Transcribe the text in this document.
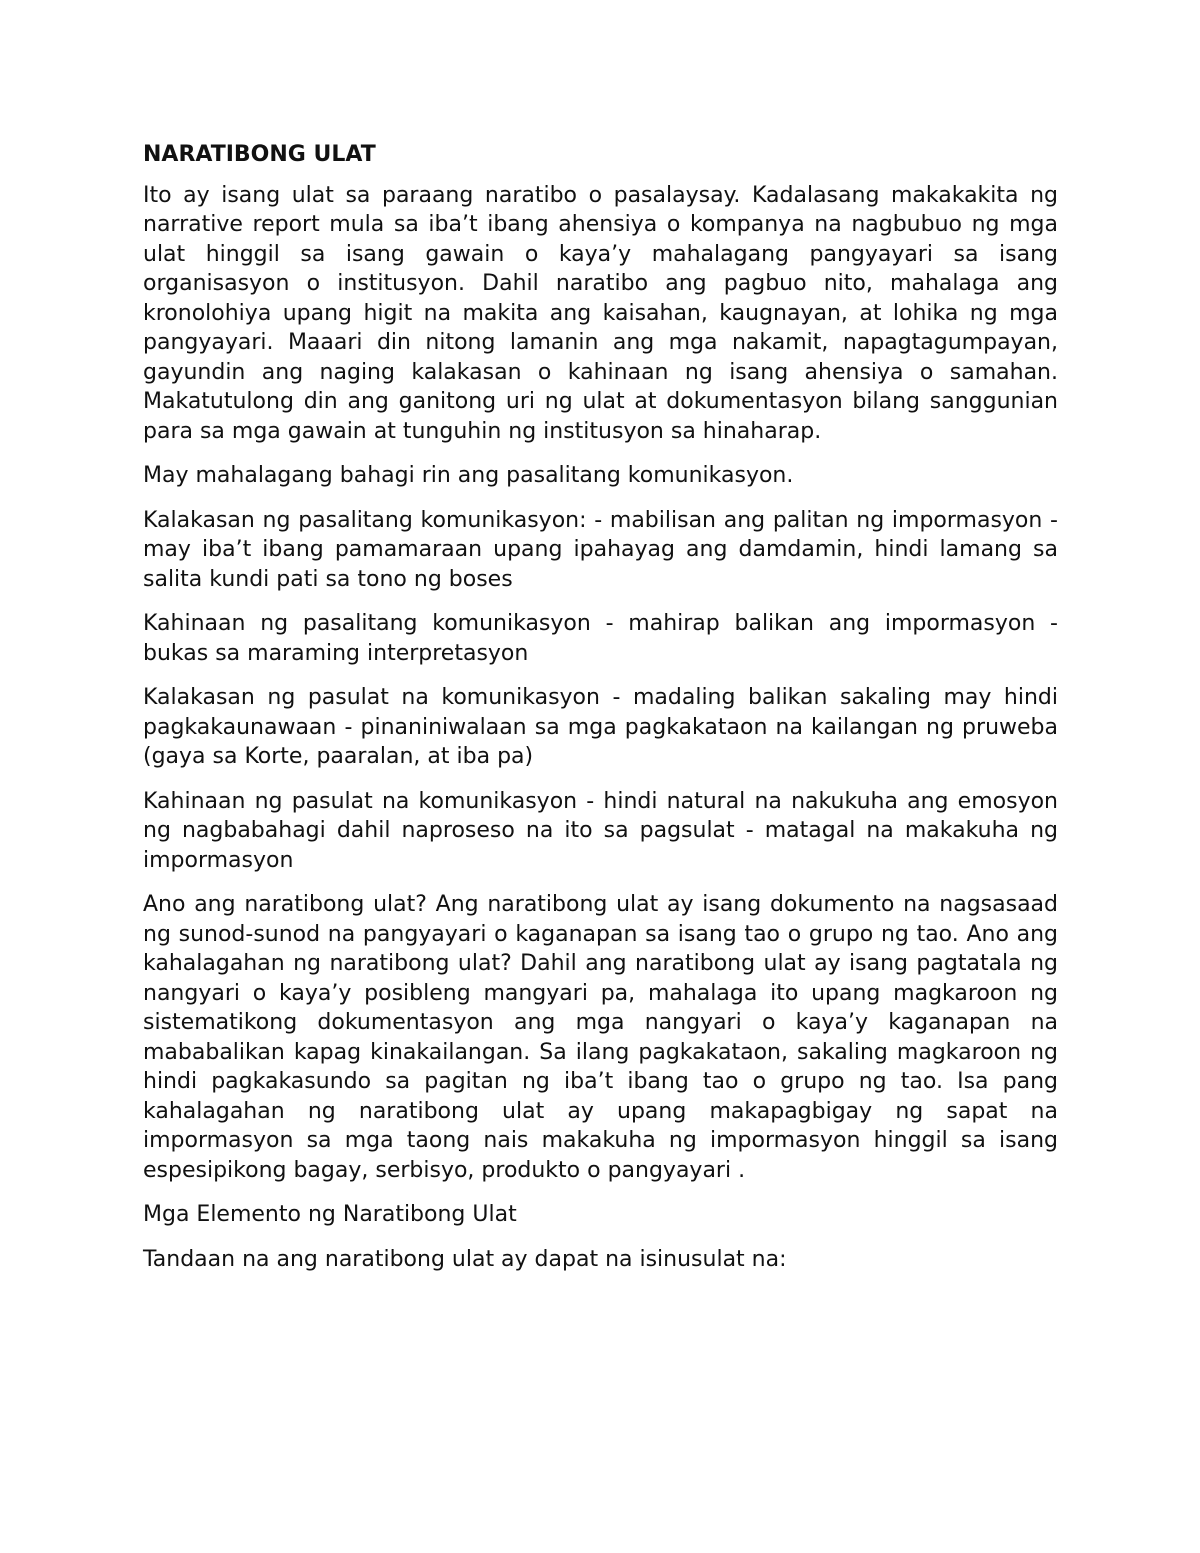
NARATIBONG ULAT
Ito ay isang ulat sa paraang naratibo o pasalaysay. Kadalasang makakakita ng narrative report mula sa iba’t ibang ahensiya o kompanya na nagbubuo ng mga ulat hinggil sa isang gawain o kaya’y mahalagang pangyayari sa isang organisasyon o institusyon. Dahil naratibo ang pagbuo nito, mahalaga ang kronolohiya upang higit na makita ang kaisahan, kaugnayan, at lohika ng mga pangyayari. Maaari din nitong lamanin ang mga nakamit, napagtagumpayan, gayundin ang naging kalakasan o kahinaan ng isang ahensiya o samahan. Makatutulong din ang ganitong uri ng ulat at dokumentasyon bilang sanggunian para sa mga gawain at tunguhin ng institusyon sa hinaharap.
May mahalagang bahagi rin ang pasalitang komunikasyon.
Kalakasan ng pasalitang komunikasyon: - mabilisan ang palitan ng impormasyon - may iba’t ibang pamamaraan upang ipahayag ang damdamin, hindi lamang sa salita kundi pati sa tono ng boses
Kahinaan ng pasalitang komunikasyon - mahirap balikan ang impormasyon - bukas sa maraming interpretasyon
Kalakasan ng pasulat na komunikasyon - madaling balikan sakaling may hindi pagkakaunawaan - pinaniniwalaan sa mga pagkakataon na kailangan ng pruweba (gaya sa Korte, paaralan, at iba pa)
Kahinaan ng pasulat na komunikasyon - hindi natural na nakukuha ang emosyon ng nagbabahagi dahil naproseso na ito sa pagsulat - matagal na makakuha ng impormasyon
Ano ang naratibong ulat? Ang naratibong ulat ay isang dokumento na nagsasaad ng sunod-sunod na pangyayari o kaganapan sa isang tao o grupo ng tao. Ano ang kahalagahan ng naratibong ulat? Dahil ang naratibong ulat ay isang pagtatala ng nangyari o kaya’y posibleng mangyari pa, mahalaga ito upang magkaroon ng sistematikong dokumentasyon ang mga nangyari o kaya’y kaganapan na mababalikan kapag kinakailangan. Sa ilang pagkakataon, sakaling magkaroon ng hindi pagkakasundo sa pagitan ng iba’t ibang tao o grupo ng tao. Isa pang kahalagahan ng naratibong ulat ay upang makapagbigay ng sapat na impormasyon sa mga taong nais makakuha ng impormasyon hinggil sa isang espesipikong bagay, serbisyo, produkto o pangyayari .
Mga Elemento ng Naratibong Ulat
Tandaan na ang naratibong ulat ay dapat na isinusulat na:
